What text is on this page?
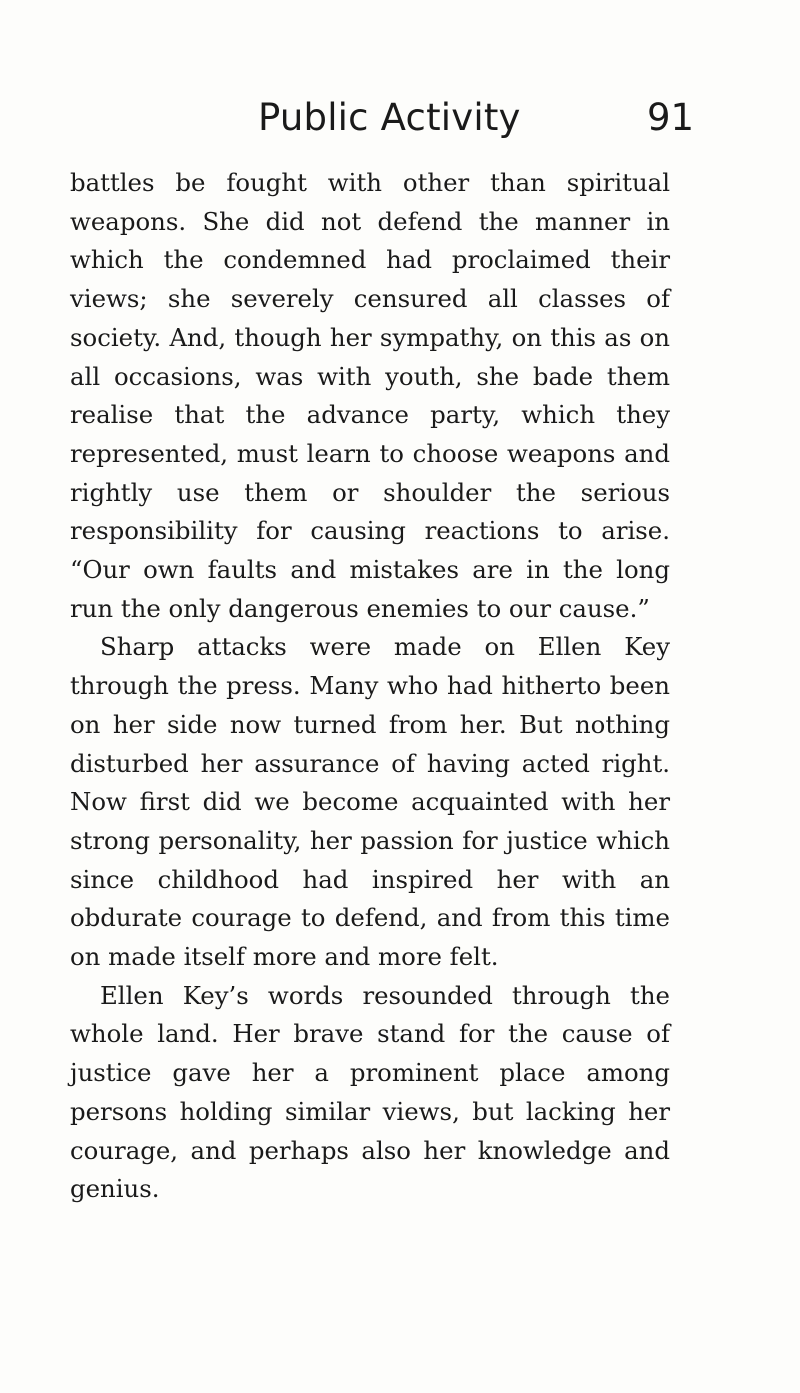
Public Activity	91

battles be fought with other than spiritual weapons. She did not defend the manner in which the condemned had proclaimed their views; she severely censured all classes of society. And, though her sympathy, on this as on all occasions, was with youth, she bade them realise that the advance party, which they represented, must learn to choose weapons and rightly use them or shoulder the serious responsibility for causing reactions to arise. “Our own faults and mistakes are in the long run the only dangerous enemies to our cause.”

Sharp attacks were made on Ellen Key through the press. Many who had hitherto been on her side now turned from her. But nothing disturbed her assurance of having acted right. Now first did we become acquainted with her strong personality, her passion for justice which since childhood had inspired her with an obdurate courage to defend, and from this time on made itself more and more felt.

Ellen Key’s words resounded through the whole land. Her brave stand for the cause of justice gave her a prominent place among persons holding similar views, but lacking her courage, and perhaps also her knowledge and genius.
